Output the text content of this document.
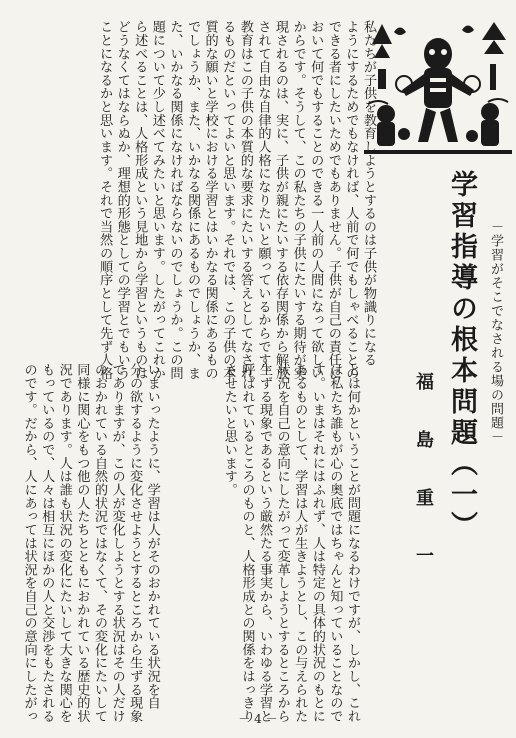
私たちが子供を教育しようとするのは子供が物識りになる
ようにするためでもなければ、人前で何でもしゃべることの
できる者にしたいためでもありません。子供が自己の責任に
おいて何でもすることのできる一人前の人間になって欲しい
からです。そうして、この私たちの子供にたいする期待が実
現されるのは、実に、子供が親にたいする依存関係から解放
されて自由な自律的人格になりたいと願っているからです。
教育はこの子供の本質的な要求にたいする答えとしてなされ
るものだといってよいと思います。それでは、この子供の本
質的な願いと学校における学習とはいかなる関係にあるもの
でしょうか、また、いかなる関係にあるものでしょうか、ま
た、いかなる関係になければならないのでしょうか。この問
題について少し述べてみたいと思います。したがってこれか
ら述べることは、人格形成という見地から学習というものは
どうなくてはならぬか、理想的形態としての学習とでもいう
ことになるかと思います。それで当然の順序として先ず人格
とは何かということが問題になるわけですが、しかし、これ
は私たち誰もが心の奥底ではちゃんと知っていることなので
す。いまはそれにはふれず、人は特定の具体的状況のもとに
あるものとして、学習は人が生きようとし、この与えられた
状況を自己の意向にしたがって変革しようとするところから
生ずる現象であるという厳然たる事実から、いわゆる学習と
呼ばれているところのものと、人格形成との関係をはっきり
させたいと思います。
いまいったように、学習は人がそのおかれている状況を自
分の欲するように変化させようとするところから生ずる現象
でありますが、この人が変化しようとする状況はその人だけ
のおかれている自然的状況ではなくて、その変化にたいして
同様に関心をもつ他の人たちとともにおかれている歴史的状
況であります。人は誰も状況の変化にたいして大きな関心を
もっているので、人々は相互にほかの人と交渉をもたされる
のです。だから、人にあっては状況を自己の意向にしたがっ
学習指導の根本問題（一） －学習がそこでなされる場の問題－
福島重一
－ 4 －
